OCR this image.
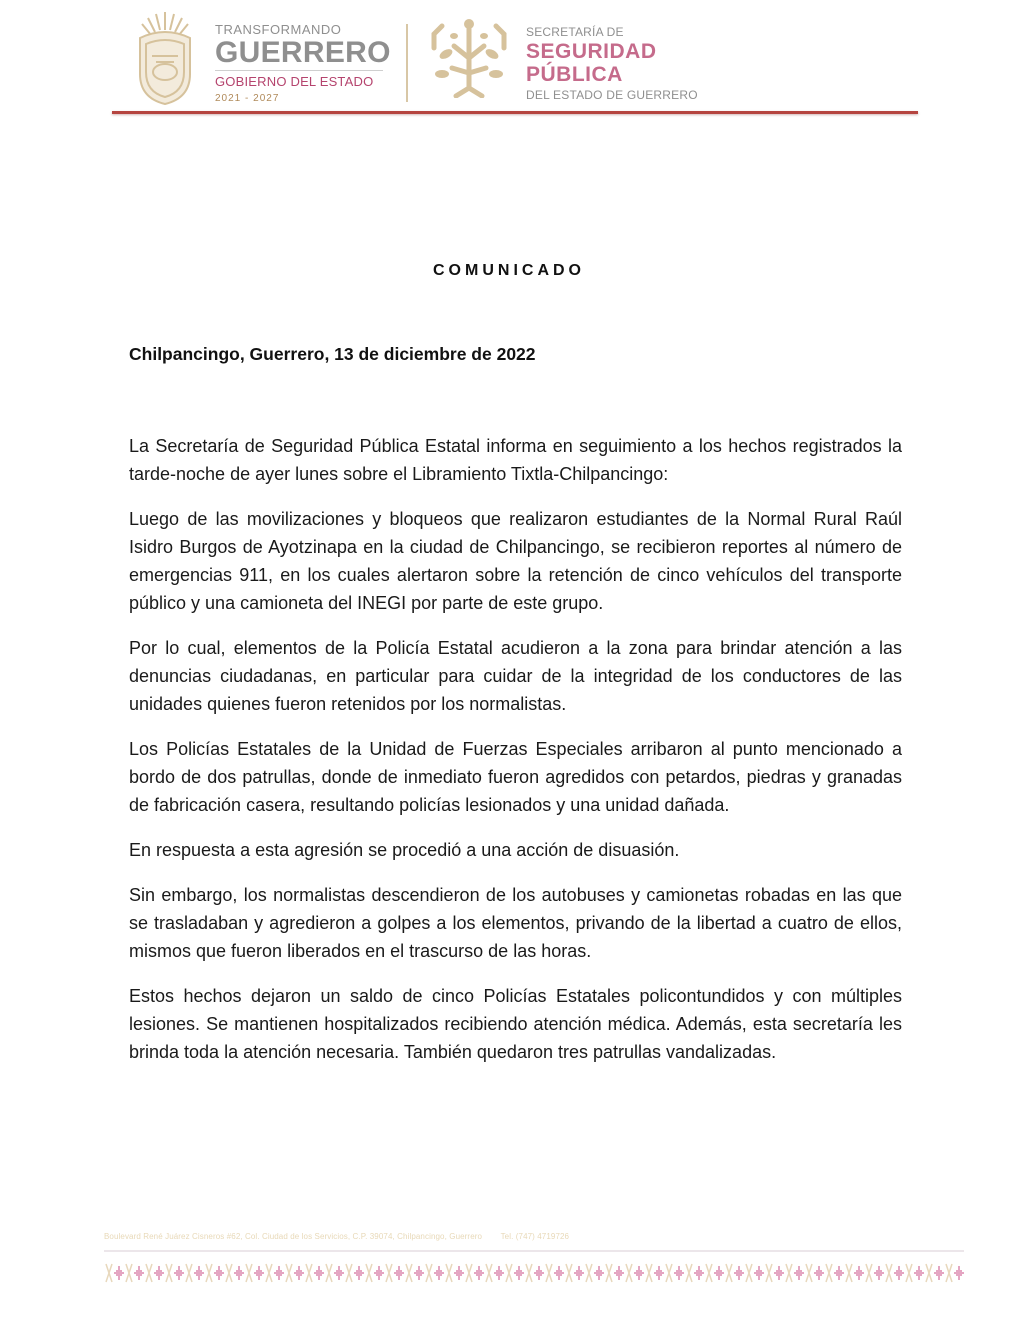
TRANSFORMANDO
GUERRERO
GOBIERNO DEL ESTADO
2021 - 2027
SECRETARÍA DE
SEGURIDAD
PÚBLICA
DEL ESTADO DE GUERRERO
COMUNICADO
Chilpancingo, Guerrero, 13 de diciembre de 2022

La Secretaría de Seguridad Pública Estatal informa en seguimiento a los hechos registrados la tarde-noche de ayer lunes sobre el Libramiento Tixtla-Chilpancingo:

Luego de las movilizaciones y bloqueos que realizaron estudiantes de la Normal Rural Raúl Isidro Burgos de Ayotzinapa en la ciudad de Chilpancingo, se recibieron reportes al número de emergencias 911, en los cuales alertaron sobre la retención de cinco vehículos del transporte público y una camioneta del INEGI por parte de este grupo.

Por lo cual, elementos de la Policía Estatal acudieron a la zona para brindar atención a las denuncias ciudadanas, en particular para cuidar de la integridad de los conductores de las unidades quienes fueron retenidos por los normalistas.

Los Policías Estatales de la Unidad de Fuerzas Especiales arribaron al punto mencionado a bordo de dos patrullas, donde de inmediato fueron agredidos con petardos, piedras y granadas de fabricación casera, resultando policías lesionados y una unidad dañada.

En respuesta a esta agresión se procedió a una acción de disuasión.

Sin embargo, los normalistas descendieron de los autobuses y camionetas robadas en las que se trasladaban y agredieron a golpes a los elementos, privando de la libertad a cuatro de ellos, mismos que fueron liberados en el trascurso de las horas.

Estos hechos dejaron un saldo de cinco Policías Estatales policontundidos y con múltiples lesiones. Se mantienen hospitalizados recibiendo atención médica. Además, esta secretaría les brinda toda la atención necesaria. También quedaron tres patrullas vandalizadas.

Boulevard René Juárez Cisneros #62, Col. Ciudad de los Servicios, C.P. 39074, Chilpancingo, Guerrero Tel. (747) 4719726
